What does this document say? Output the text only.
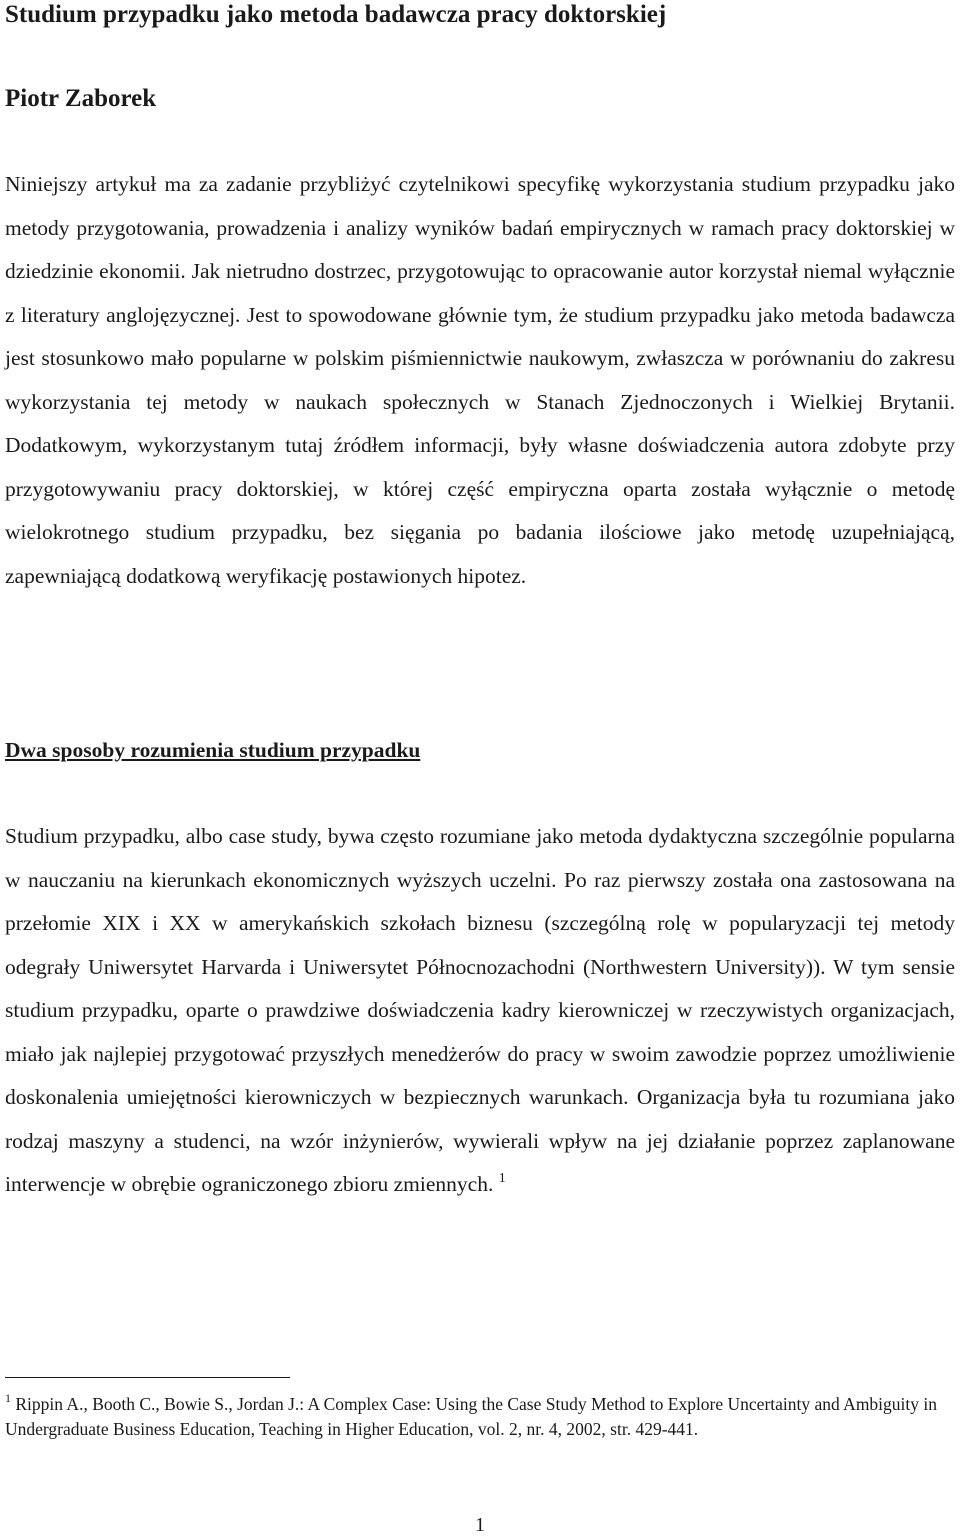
Studium przypadku jako metoda badawcza pracy doktorskiej
Piotr Zaborek

Niniejszy artykuł ma za zadanie przybliżyć czytelnikowi specyfikę wykorzystania studium przypadku jako metody przygotowania, prowadzenia i analizy wyników badań empirycznych w ramach pracy doktorskiej w dziedzinie ekonomii. Jak nietrudno dostrzec, przygotowując to opracowanie autor korzystał niemal wyłącznie z literatury anglojęzycznej. Jest to spowodowane głównie tym, że studium przypadku jako metoda badawcza jest stosunkowo mało popularne w polskim piśmiennictwie naukowym, zwłaszcza w porównaniu do zakresu wykorzystania tej metody w naukach społecznych w Stanach Zjednoczonych i Wielkiej Brytanii. Dodatkowym, wykorzystanym tutaj źródłem informacji, były własne doświadczenia autora zdobyte przy przygotowywaniu pracy doktorskiej, w której część empiryczna oparta została wyłącznie o metodę wielokrotnego studium przypadku, bez sięgania po badania ilościowe jako metodę uzupełniającą, zapewniającą dodatkową weryfikację postawionych hipotez.

Dwa sposoby rozumienia studium przypadku

Studium przypadku, albo case study, bywa często rozumiane jako metoda dydaktyczna szczególnie popularna w nauczaniu na kierunkach ekonomicznych wyższych uczelni. Po raz pierwszy została ona zastosowana na przełomie XIX i XX w amerykańskich szkołach biznesu (szczególną rolę w popularyzacji tej metody odegrały Uniwersytet Harvarda i Uniwersytet Północnozachodni (Northwestern University)). W tym sensie studium przypadku, oparte o prawdziwe doświadczenia kadry kierowniczej w rzeczywistych organizacjach, miało jak najlepiej przygotować przyszłych menedżerów do pracy w swoim zawodzie poprzez umożliwienie doskonalenia umiejętności kierowniczych w bezpiecznych warunkach. Organizacja była tu rozumiana jako rodzaj maszyny a studenci, na wzór inżynierów, wywierali wpływ na jej działanie poprzez zaplanowane interwencje w obrębie ograniczonego zbioru zmiennych. $^1$

$^1$ Rippin A., Booth C., Bowie S., Jordan J.: A Complex Case: Using the Case Study Method to Explore Uncertainty and Ambiguity in Undergraduate Business Education, Teaching in Higher Education, vol. 2, nr. 4, 2002, str. 429-441.

1
